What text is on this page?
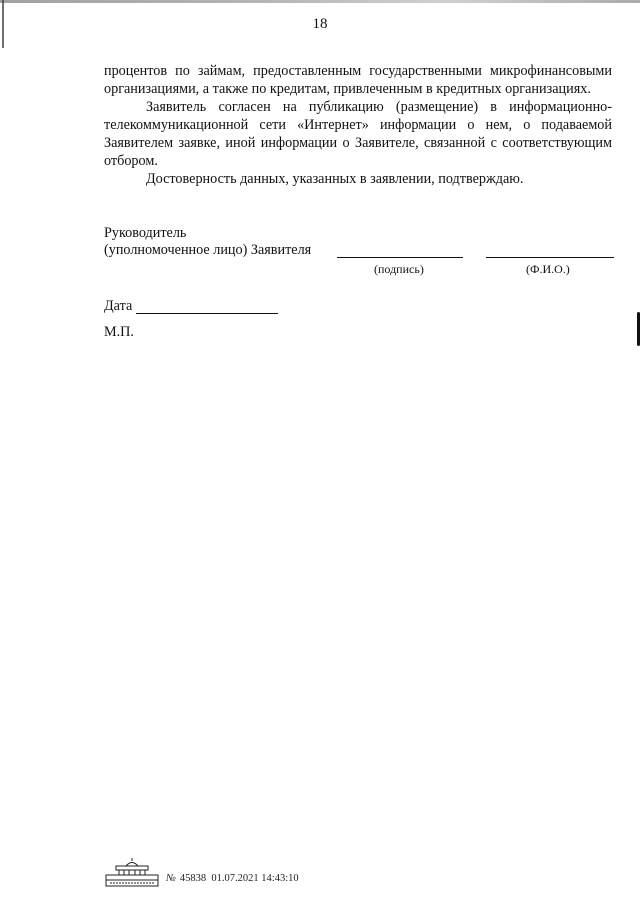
18

процентов по займам, предоставленным государственными микрофинансовыми организациями, а также по кредитам, привлеченным в кредитных организациях.

Заявитель согласен на публикацию (размещение) в информационно-телекоммуникационной сети «Интернет» информации о нем, о подаваемой Заявителем заявке, иной информации о Заявителе, связанной с соответствующим отбором.

Достоверность данных, указанных в заявлении, подтверждаю.

Руководитель
(уполномоченное лицо) Заявителя
(подпись)	(Ф.И.О.)
Дата
М.П.
№ 45838 01.07.2021 14:43:10
